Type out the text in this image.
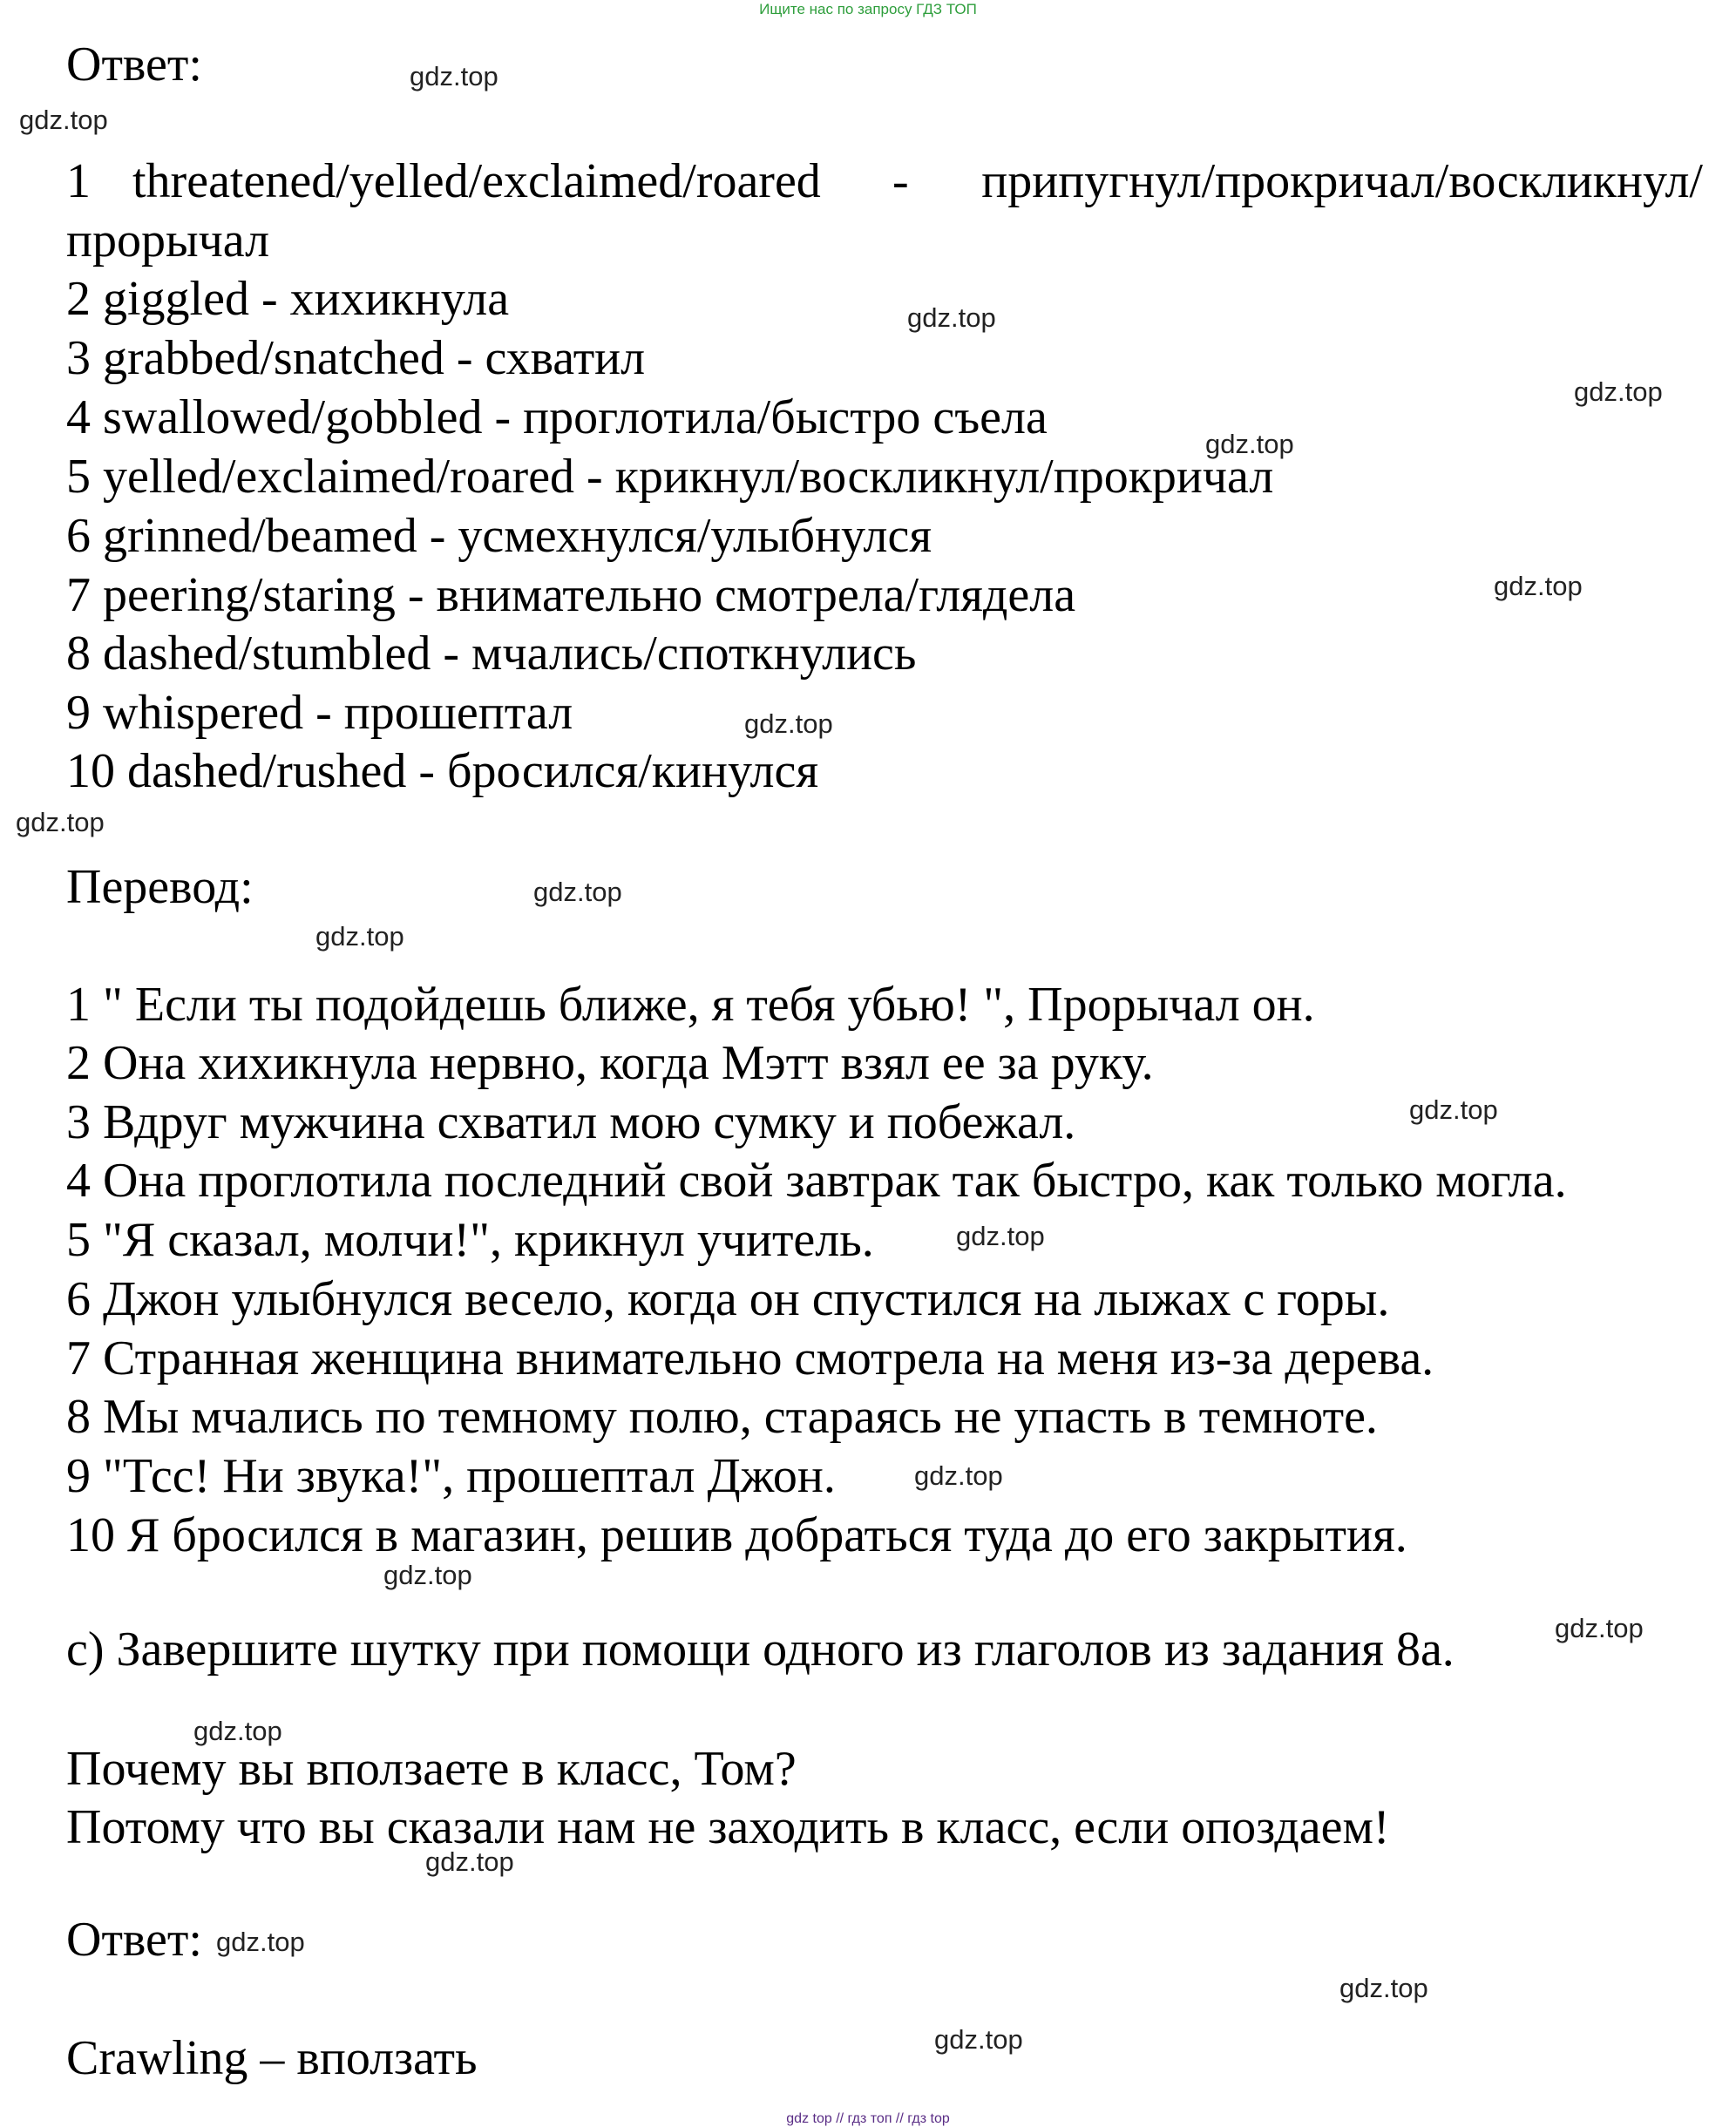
Ищите нас по запросу ГДЗ ТОП
Ответ:
1 threatened/yelled/exclaimed/roared - припугнул/прокричал/воскликнул/
прорычал
2 giggled - хихикнула
3 grabbed/snatched - схватил
4 swallowed/gobbled - проглотила/быстро съела
5 yelled/exclaimed/roared - крикнул/воскликнул/прокричал
6 grinned/beamed - усмехнулся/улыбнулся
7 peering/staring - внимательно смотрела/глядела
8 dashed/stumbled - мчались/споткнулись
9 whispered - прошептал
10 dashed/rushed - бросился/кинулся
Перевод:
1 " Если ты подойдешь ближе, я тебя убью! ", Прорычал он.
2 Она хихикнула нервно, когда Мэтт взял ее за руку.
3 Вдруг мужчина схватил мою сумку и побежал.
4 Она проглотила последний свой завтрак так быстро, как только могла.
5 "Я сказал, молчи!", крикнул учитель.
6 Джон улыбнулся весело, когда он спустился на лыжах с горы.
7 Странная женщина внимательно смотрела на меня из-за дерева.
8 Мы мчались по темному полю, стараясь не упасть в темноте.
9 "Тсс! Ни звука!", прошептал Джон.
10 Я бросился в магазин, решив добраться туда до его закрытия.
с) Завершите шутку при помощи одного из глаголов из задания 8а.
Почему вы вползаете в класс, Том?
Потому что вы сказали нам не заходить в класс, если опоздаем!
Ответ:
Crawling – вползать
gdz.top
gdz.top
gdz.top
gdz.top
gdz.top
gdz.top
gdz.top
gdz.top
gdz.top
gdz.top
gdz.top
gdz.top
gdz.top
gdz.top
gdz.top
gdz.top
gdz.top
gdz.top
gdz.top
gdz.top
gdz top // гдз топ // гдз top
